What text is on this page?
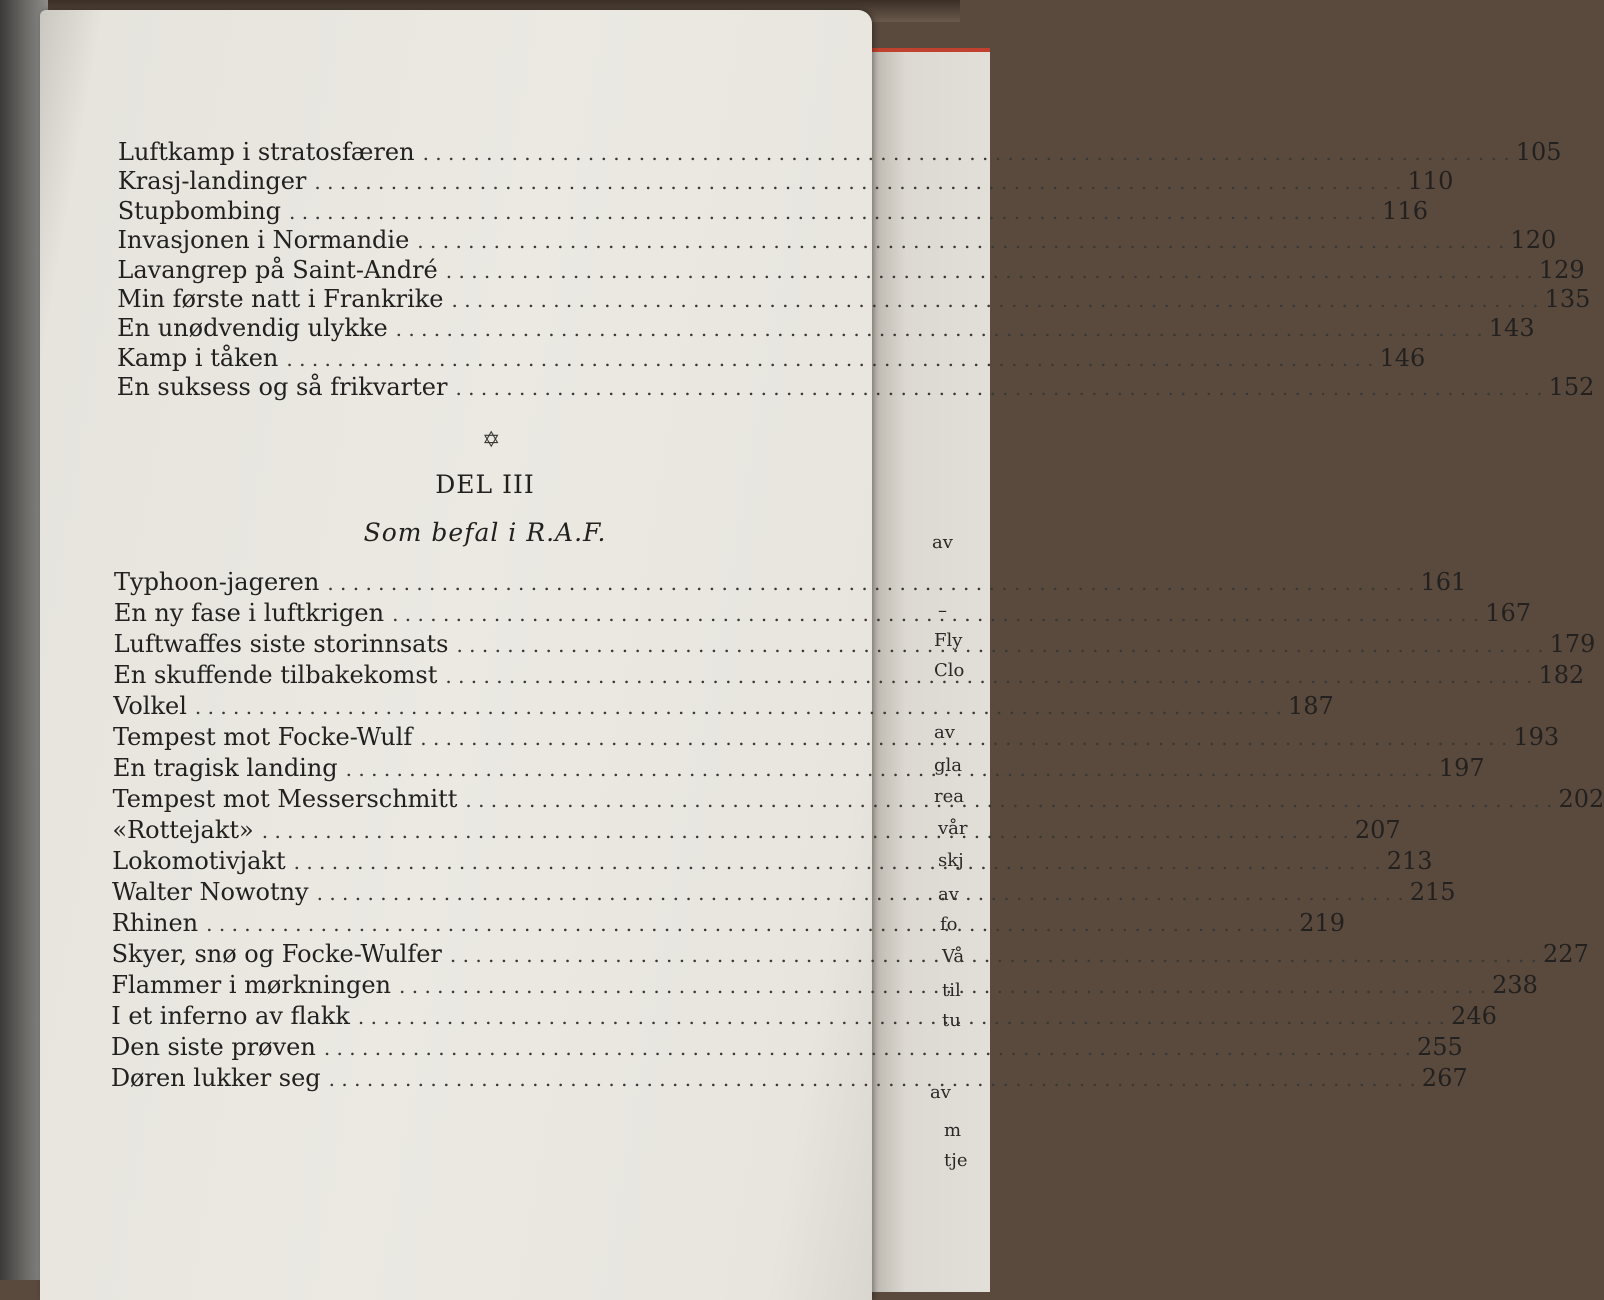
av
–
Fly
Clo
av
gla
rea
vår
skj
av
fo
Vå
til
tu
av
m
tje
Luftkamp i stratosfæren . . .	105
Krasj-landinger . . .	110
Stupbombing . . .	116
Invasjonen i Normandie . . .	120
Lavangrep på Saint-André . . .	129
Min første natt i Frankrike . . .	135
En unødvendig ulykke . . .	143
Kamp i tåken . . .	146
En suksess og så frikvarter . . .	152
✡
DEL III
Som befal i R.A.F.
Typhoon-jageren . . .	161
En ny fase i luftkrigen . . .	167
Luftwaffes siste storinnsats . . .	179
En skuffende tilbakekomst . . .	182
Volkel . . .	187
Tempest mot Focke-Wulf . . .	193
En tragisk landing . . .	197
Tempest mot Messerschmitt . . .	202
«Rottejakt» . . .	207
Lokomotivjakt . . .	213
Walter Nowotny . . .	215
Rhinen . . .	219
Skyer, snø og Focke-Wulfer . . .	227
Flammer i mørkningen . . .	238
I et inferno av flakk . . .	246
Den siste prøven . . .	255
Døren lukker seg . . .	267
